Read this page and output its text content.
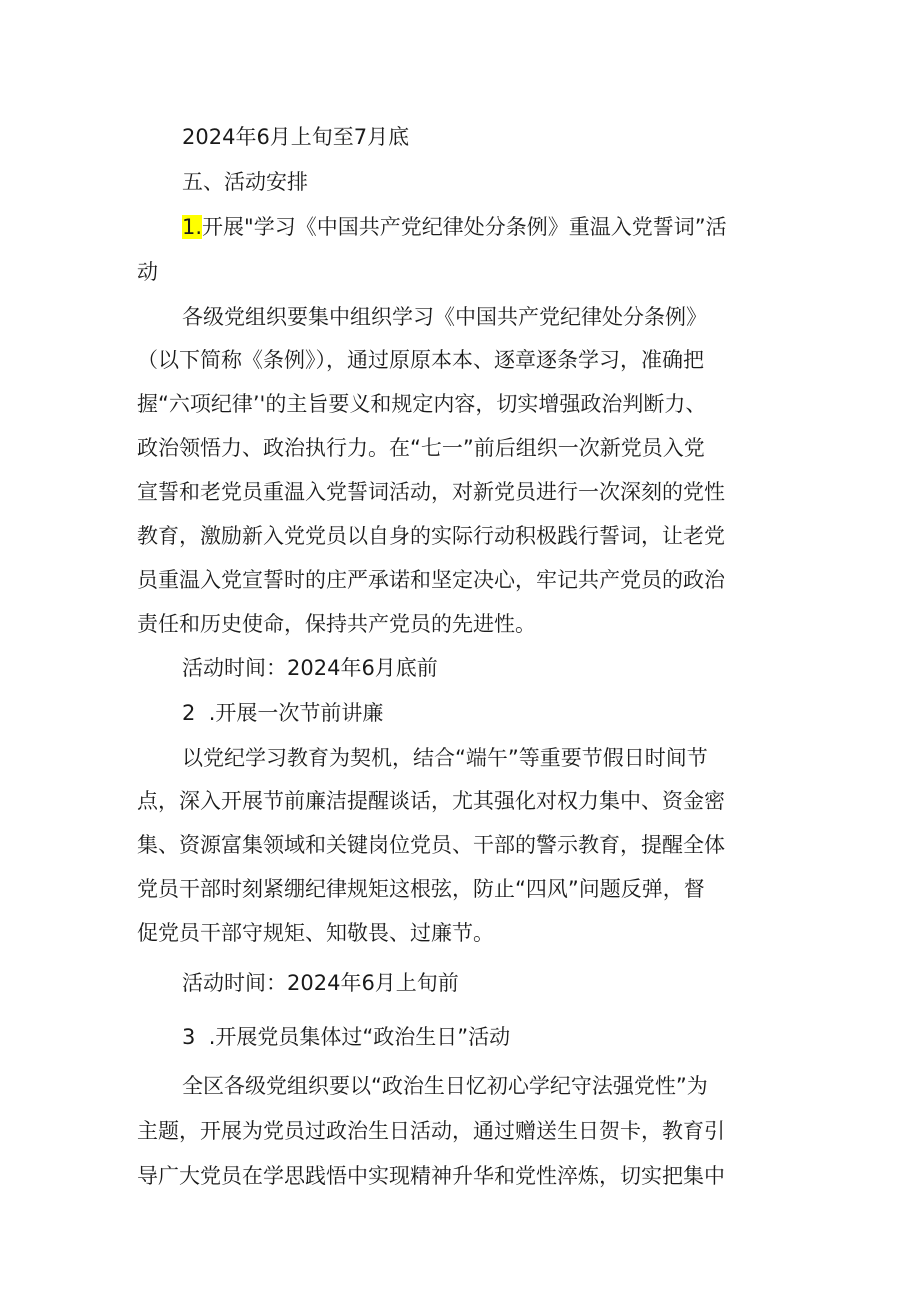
2024年6月上旬至7月底

五、活动安排

1.开展"学习《中国共产党纪律处分条例》重温入党誓词”活

动

各级党组织要集中组织学习《中国共产党纪律处分条例》

（以下简称《条例》），通过原原本本、逐章逐条学习，准确把

握“六项纪律’'的主旨要义和规定内容，切实增强政治判断力、

政治领悟力、政治执行力。在“七一”前后组织一次新党员入党

宣誓和老党员重温入党誓词活动，对新党员进行一次深刻的党性

教育，激励新入党党员以自身的实际行动积极践行誓词，让老党

员重温入党宣誓时的庄严承诺和坚定决心，牢记共产党员的政治

责任和历史使命，保持共产党员的先进性。

活动时间：2024年6月底前

2  .开展一次节前讲廉

以党纪学习教育为契机，结合“端午”等重要节假日时间节

点，深入开展节前廉洁提醒谈话，尤其强化对权力集中、资金密

集、资源富集领域和关键岗位党员、干部的警示教育，提醒全体

党员干部时刻紧绷纪律规矩这根弦，防止“四风”问题反弹，督

促党员干部守规矩、知敬畏、过廉节。

活动时间：2024年6月上旬前

3  .开展党员集体过“政治生日”活动

全区各级党组织要以“政治生日忆初心学纪守法强党性”为

主题，开展为党员过政治生日活动，通过赠送生日贺卡，教育引

导广大党员在学思践悟中实现精神升华和党性淬炼，切实把集中
